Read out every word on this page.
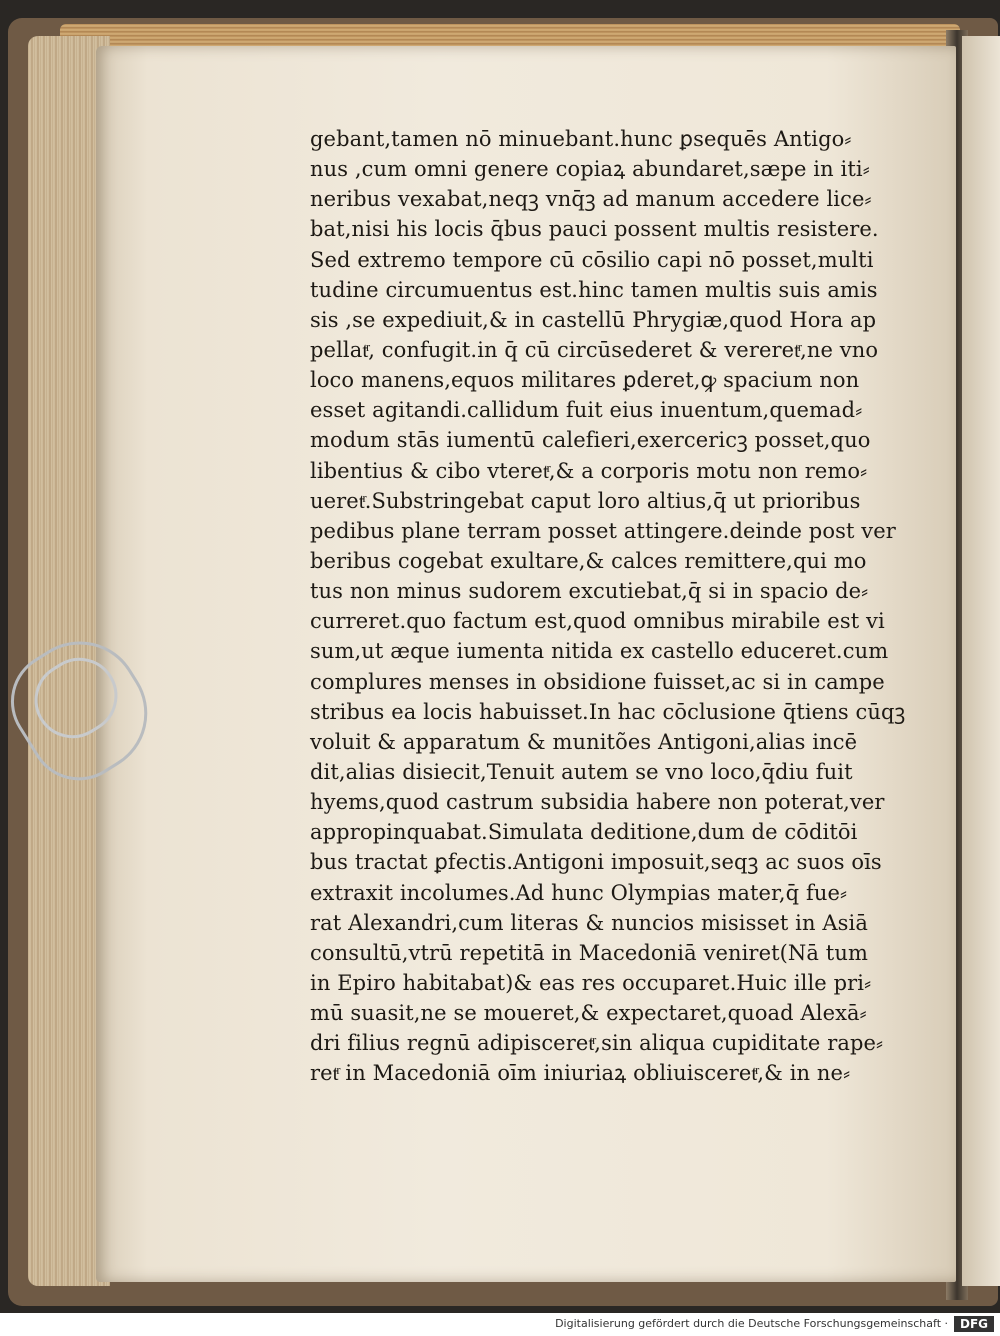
gebant,tamen nō minuebant.hunc ꝑsequēs Antigo⸗
nus ,cum omni genere copiaꝝ abundaret,sæpe in iti⸗
neribus vexabat,neqꝫ vnq̄ꝫ ad manum accedere lice⸗
bat,nisi his locis q̄bus pauci possent multis resistere.
Sed extremo tempore cū cōsilio capi nō posset,multi
tudine circumuentus est.hinc tamen multis suis amis
sis ,se expediuit,& in castellū Phrygiæ,quod Hora ap
pellatͬ, confugit.in q̄ cū circūsederet & vereretͬ,ne vno
loco manens,equos militares ꝑderet,ꝙ spacium non
esset agitandi.callidum fuit eius inuentum,quemad⸗
modum stās iumentū calefieri,exercericꝫ posset,quo
libentius & cibo vteretͬ,& a corporis motu non remo⸗
ueretͬ.Substringebat caput loro altius,q̄ ut prioribus
pedibus plane terram posset attingere.deinde post ver
beribus cogebat exultare,& calces remittere,qui mo
tus non minus sudorem excutiebat,q̄ si in spacio de⸗
curreret.quo factum est,quod omnibus mirabile est vi
sum,ut æque iumenta nitida ex castello educeret.cum
complures menses in obsidione fuisset,ac si in campe
stribus ea locis habuisset.In hac cōclusione q̄tiens cūqꝫ
voluit & apparatum & munitões Antigoni,alias incē
dit,alias disiecit,Tenuit autem se vno loco,q̄diu fuit
hyems,quod castrum subsidia habere non poterat,ver
appropinquabat.Simulata deditione,dum de cōditōi
bus tractat ꝑfectis.Antigoni imposuit,seqꝫ ac suos oīs
extraxit incolumes.Ad hunc Olympias mater,q̄ fue⸗
rat Alexandri,cum literas & nuncios misisset in Asiā
consultū,vtrū repetitā in Macedoniā veniret(Nā tum
in Epiro habitabat)& eas res occuparet.Huic ille pri⸗
mū suasit,ne se moueret,& expectaret,quoad Alexā⸗
dri filius regnū adipisceretͬ,sin aliqua cupiditate rape⸗
retͬ in Macedoniā oīm iniuriaꝝ obliuisceretͬ,& in ne⸗
Digitalisierung gefördert durch die Deutsche Forschungsgemeinschaft · DFG
